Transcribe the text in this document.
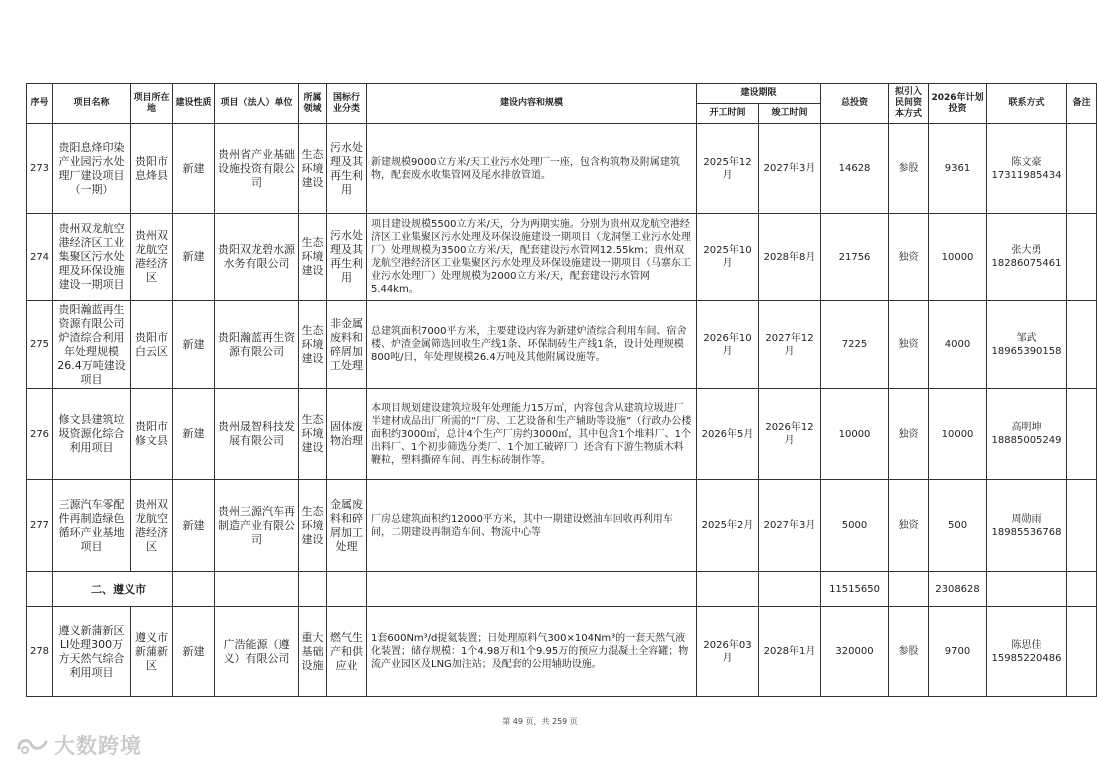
序号	项目名称	项目所在地	建设性质	项目（法人）单位	所属领域	国标行业分类	建设内容和规模	建设期限		总投资	拟引入民间资本方式	2026年计划投资	联系方式	备注
								开工时间	竣工时间					
273	贵阳息烽印染产业园污水处理厂建设项目（一期）	贵阳市息烽县	新建	贵州省产业基础设施投资有限公司	生态环境建设	污水处理及其再生利用	新建规模9000立方米/天工业污水处理厂一座，包含构筑物及附属建筑物，配套废水收集管网及尾水排放管道。	2025年12月	2027年3月	14628	参股	9361	陈文豪
17311985434	

274	贵州双龙航空港经济区工业集聚区污水处理及环保设施建设一期项目	贵州双龙航空港经济区	新建	贵阳双龙碧水源水务有限公司	生态环境建设	污水处理及其再生利用	项目建设规模5500立方米/天，分为两期实施。分别为贵州双龙航空港经济区工业集聚区污水处理及环保设施建设一期项目（龙洞堡工业污水处理厂）处理规模为3500立方米/天，配套建设污水管网12.55km；贵州双龙航空港经济区工业集聚区污水处理及环保设施建设一期项目（马寨东工业污水处理厂）处理规模为2000立方米/天，配套建设污水管网5.44km。	2025年10月	2028年8月	21756	独资	10000	张大勇
18286075461	

275	贵阳瀚蓝再生资源有限公司炉渣综合利用年处理规模26.4万吨建设项目	贵阳市白云区	新建	贵阳瀚蓝再生资源有限公司	生态环境建设	非金属废料和碎屑加工处理	总建筑面积7000平方米，主要建设内容为新建炉渣综合利用车间、宿舍楼、炉渣金属筛选回收生产线1条、环保制砖生产线1条，设计处理规模800吨/日，年处理规模26.4万吨及其他附属设施等。	2026年10月	2027年12月	7225	独资	4000	邹武
18965390158	

276	修文县建筑垃圾资源化综合利用项目	贵阳市修文县	新建	贵州晟智科技发展有限公司	生态环境建设	固体废物治理	本项目规划建设建筑垃圾年处理能力15万㎡，内容包含从建筑垃圾进厂半建材成品出厂所需的“厂房、工艺设备和生产辅助等设施”（行政办公楼面积约3000㎡，总计4个生产厂房约3000㎡，其中包含1个堆料厂、1个出料厂、1个初步筛选分类厂、1个加工破碎厂）还含有下游生物质木料鞭粒，塑料撕碎车间、再生标砖制作等。	2026年5月	2026年12月	10000	独资	10000	高明坤
18885005249	

277	三源汽车零配件再制造绿色循环产业基地项目	贵州双龙航空港经济区	新建	贵州三源汽车再制造产业有限公司	生态环境建设	金属废料和碎屑加工处理	厂房总建筑面积约12000平方米，其中一期建设燃油车回收再利用车间，二期建设再制造车间、物流中心等	2025年2月	2027年3月	5000	独资	500	周勋雨
18985536768	

	二、遵义市									11515650		2308628		
278	遵义新蒲新区LI处理300万方天然气综合利用项目	遵义市新蒲新区	新建	广浩能源（遵义）有限公司	重大基础设施	燃气生产和供应业	1套600Nm³/d提氦装置；日处理原料气300×104Nm³的一套天然气液化装置；储存规模：1个4.98万和1个9.95万的预应力混凝土全容罐；物流产业园区及LNG加注站；及配套的公用辅助设施。	2026年03月	2028年1月	320000	参股	9700	陈思佳
15985220486	

第 49 页，共 259 页
大数跨境
